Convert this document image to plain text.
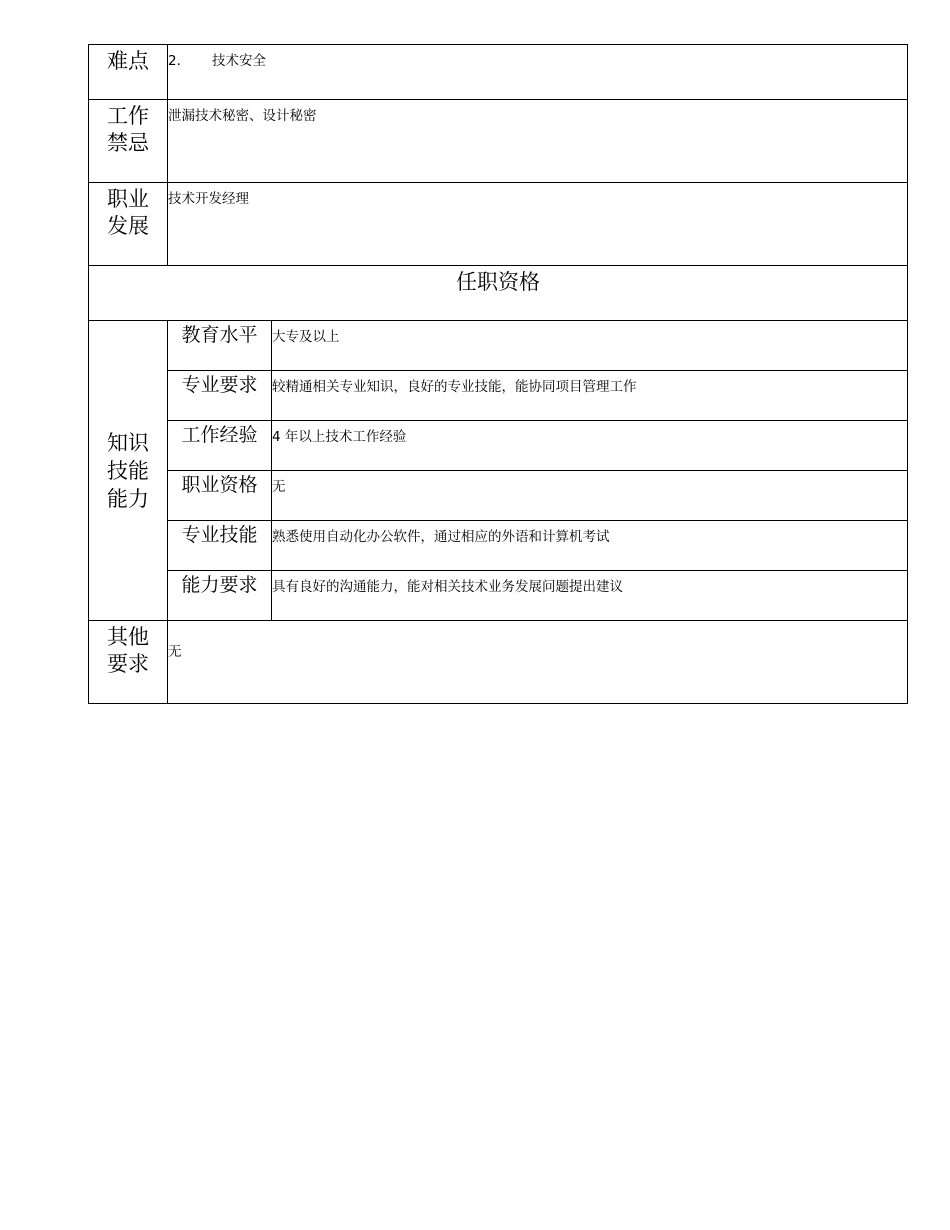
难点	2. 技术安全	
工作禁忌	泄漏技术秘密、设计秘密	
职业发展	技术开发经理	
任职资格		
知识技能能力	教育水平	大专及以上
	专业要求	较精通相关专业知识，良好的专业技能，能协同项目管理工作
	工作经验	4 年以上技术工作经验
	职业资格	无
	专业技能	熟悉使用自动化办公软件，通过相应的外语和计算机考试
	能力要求	具有良好的沟通能力，能对相关技术业务发展问题提出建议
其他要求	无	
